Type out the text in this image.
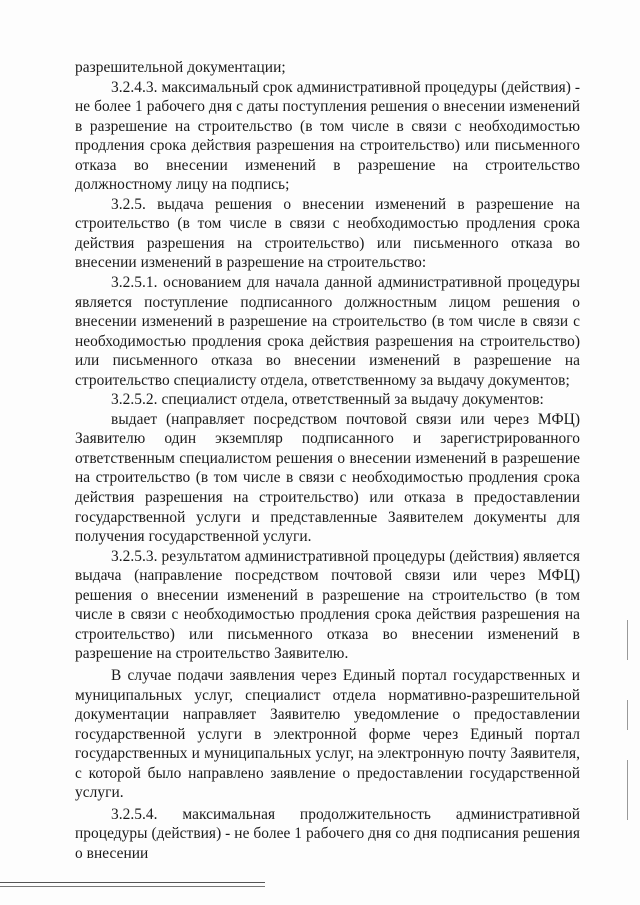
разрешительной документации;

3.2.4.3. максимальный срок административной процедуры (действия) - не более 1 рабочего дня с даты поступления решения о внесении изменений в разрешение на строительство (в том числе в связи с необходимостью продления срока действия разрешения на строительство) или письменного отказа во внесении изменений в разрешение на строительство должностному лицу на подпись;

3.2.5. выдача решения о внесении изменений в разрешение на строительство (в том числе в связи с необходимостью продления срока действия разрешения на строительство) или письменного отказа во внесении изменений в разрешение на строительство:

3.2.5.1. основанием для начала данной административной процедуры является поступление подписанного должностным лицом решения о внесении изменений в разрешение на строительство (в том числе в связи с необходимостью продления срока действия разрешения на строительство) или письменного отказа во внесении изменений в разрешение на строительство специалисту отдела, ответственному за выдачу документов;

3.2.5.2. специалист отдела, ответственный за выдачу документов:

выдает (направляет посредством почтовой связи или через МФЦ) Заявителю один экземпляр подписанного и зарегистрированного ответственным специалистом решения о внесении изменений в разрешение на строительство (в том числе в связи с необходимостью продления срока действия разрешения на строительство) или отказа в предоставлении государственной услуги и представленные Заявителем документы для получения государственной услуги.

3.2.5.3. результатом административной процедуры (действия) является выдача (направление посредством почтовой связи или через МФЦ) решения о внесении изменений в разрешение на строительство (в том числе в связи с необходимостью продления срока действия разрешения на строительство) или письменного отказа во внесении изменений в разрешение на строительство Заявителю.

В случае подачи заявления через Единый портал государственных и муниципальных услуг, специалист отдела нормативно-разрешительной документации направляет Заявителю уведомление о предоставлении государственной услуги в электронной форме через Единый портал государственных и муниципальных услуг, на электронную почту Заявителя, с которой было направлено заявление о предоставлении государственной услуги.

3.2.5.4. максимальная продолжительность административной процедуры (действия) - не более 1 рабочего дня со дня подписания решения о внесении
